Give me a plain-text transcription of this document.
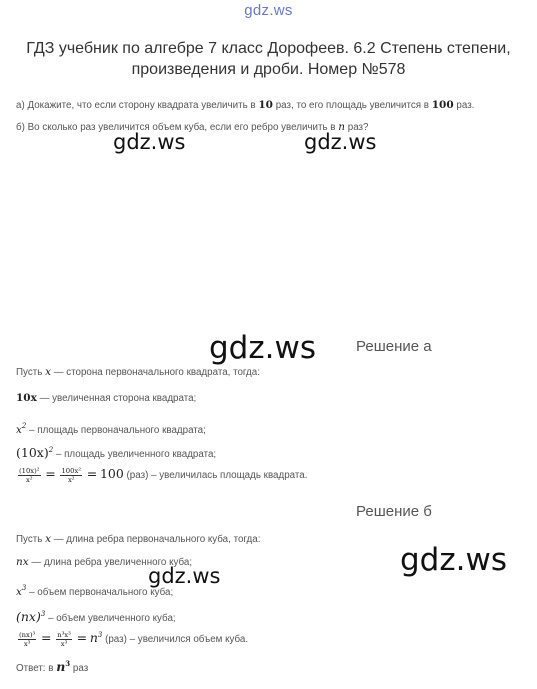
gdz.ws
ГДЗ учебник по алгебре 7 класс Дорофеев. 6.2 Степень степени, произведения и дроби. Номер №578
а) Докажите, что если сторону квадрата увеличить в 10 раз, то его площадь увеличится в 100 раз.
б) Во сколько раз увеличится объем куба, если его ребро увеличить в n раз?
gdz.ws	gdz.ws
gdz.ws
gdz.ws
gdz.ws
Решение а
Пусть x — сторона первоначального квадрата, тогда:
10x — увеличенная сторона квадрата;
$x^2$ – площадь первоначального квадрата;
$(10x)^2$ – площадь увеличенного квадрата;
$\frac{\text{(10x)²}}{\text{x²}} = \frac{\text{100x²}}{\text{x²}} = 100$ (раз) – увеличилась площадь квадрата.
Решение б
Пусть x — длина ребра первоначального куба, тогда:
nx — длина ребра увеличенного куба;
$x^3$ – объем первоначального куба;
(nx)$^3$ – объем увеличенного куба;
$\frac{\text{(nx)³}}{\text{x³}} = \frac{\text{n³x³}}{\text{x³}} = n^3$ (раз) – увеличился объем куба.
Ответ: в $n^3$ раз
